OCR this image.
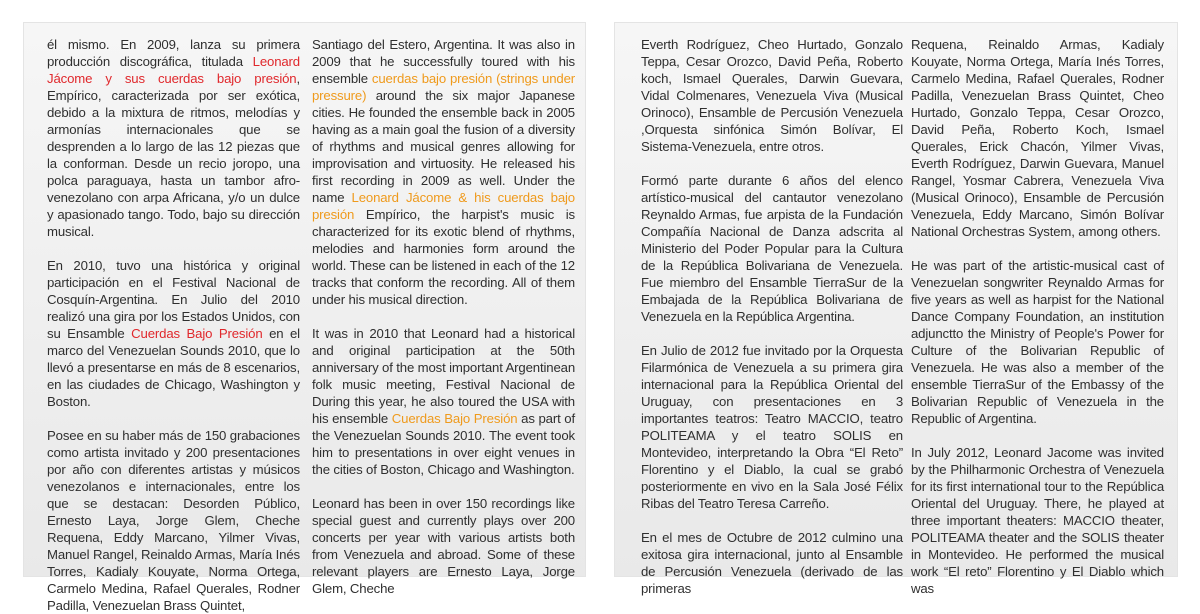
él mismo. En 2009, lanza su primera producción discográfica, titulada Leonard Jácome y sus cuerdas bajo presión, Empírico, caracterizada por ser exótica, debido a la mixtura de ritmos, melodías y armonías internacionales que se desprenden a lo largo de las 12 piezas que la conforman. Desde un recio joropo, una polca paraguaya, hasta un tambor afro-venezolano con arpa Africana, y/o un dulce y apasionado tango. Todo, bajo su dirección musical.

En 2010, tuvo una histórica y original participación en el Festival Nacional de Cosquín-Argentina. En Julio del 2010 realizó una gira por los Estados Unidos, con su Ensamble Cuerdas Bajo Presión en el marco del Venezuelan Sounds 2010, que lo llevó a presentarse en más de 8 escenarios, en las ciudades de Chicago, Washington y Boston.

Posee en su haber más de 150 grabaciones como artista invitado y 200 presentaciones por año con diferentes artistas y músicos venezolanos e internacionales, entre los que se destacan: Desorden Público, Ernesto Laya, Jorge Glem, Cheche Requena, Eddy Marcano, Yilmer Vivas, Manuel Rangel, Reinaldo Armas, María Inés Torres, Kadialy Kouyate, Norma Ortega, Carmelo Medina, Rafael Querales, Rodner Padilla, Venezuelan Brass Quintet,

Santiago del Estero, Argentina. It was also in 2009 that he successfully toured with his ensemble cuerdas bajo presión (strings under pressure) around the six major Japanese cities. He founded the ensemble back in 2005 having as a main goal the fusion of a diversity of rhythms and musical genres allowing for improvisation and virtuosity. He released his first recording in 2009 as well. Under the name Leonard Jácome & his cuerdas bajo presión Empírico, the harpist's music is characterized for its exotic blend of rhythms, melodies and harmonies form around the world. These can be listened in each of the 12 tracks that conform the recording. All of them under his musical direction.

It was in 2010 that Leonard had a historical and original participation at the 50th anniversary of the most important Argentinean folk music meeting, Festival Nacional de During this year, he also toured the USA with his ensemble Cuerdas Bajo Presión as part of the Venezuelan Sounds 2010. The event took him to presentations in over eight venues in the cities of Boston, Chicago and Washington.

Leonard has been in over 150 recordings like special guest and currently plays over 200 concerts per year with various artists both from Venezuela and abroad. Some of these relevant players are Ernesto Laya, Jorge Glem, Cheche

Everth Rodríguez, Cheo Hurtado, Gonzalo Teppa, Cesar Orozco, David Peña, Roberto koch, Ismael Querales, Darwin Guevara, Vidal Colmenares, Venezuela Viva (Musical Orinoco), Ensamble de Percusión Venezuela ,Orquesta sinfónica Simón Bolívar, El Sistema-Venezuela, entre otros.

Formó parte durante 6 años del elenco artístico-musical del cantautor venezolano Reynaldo Armas, fue arpista de la Fundación Compañía Nacional de Danza adscrita al Ministerio del Poder Popular para la Cultura de la República Bolivariana de Venezuela. Fue miembro del Ensamble TierraSur de la Embajada de la República Bolivariana de Venezuela en la República Argentina.

En Julio de 2012 fue invitado por la Orquesta Filarmónica de Venezuela a su primera gira internacional para la República Oriental del Uruguay, con presentaciones en 3 importantes teatros: Teatro MACCIO, teatro POLITEAMA y el teatro SOLIS en Montevideo, interpretando la Obra “El Reto” Florentino y el Diablo, la cual se grabó posteriormente en vivo en la Sala José Félix Ribas del Teatro Teresa Carreño.

En el mes de Octubre de 2012 culmino una exitosa gira internacional, junto al Ensamble de Percusión Venezuela (derivado de las primeras

Requena, Reinaldo Armas, Kadialy Kouyate, Norma Ortega, María Inés Torres, Carmelo Medina, Rafael Querales, Rodner Padilla, Venezuelan Brass Quintet, Cheo Hurtado, Gonzalo Teppa, Cesar Orozco, David Peña, Roberto Koch, Ismael Querales, Erick Chacón, Yilmer Vivas, Everth Rodríguez, Darwin Guevara, Manuel Rangel, Yosmar Cabrera, Venezuela Viva (Musical Orinoco), Ensamble de Percusión Venezuela, Eddy Marcano, Simón Bolívar National Orchestras System, among others.

He was part of the artistic-musical cast of Venezuelan songwriter Reynaldo Armas for five years as well as harpist for the National Dance Company Foundation, an institution adjunctto the Ministry of People's Power for Culture of the Bolivarian Republic of Venezuela. He was also a member of the ensemble TierraSur of the Embassy of the Bolivarian Republic of Venezuela in the Republic of Argentina.

In July 2012, Leonard Jacome was invited by the Philharmonic Orchestra of Venezuela for its first international tour to the República Oriental del Uruguay. There, he played at three important theaters: MACCIO theater, POLITEAMA theater and the SOLIS theater in Montevideo. He performed the musical work “El reto” Florentino y El Diablo which was
